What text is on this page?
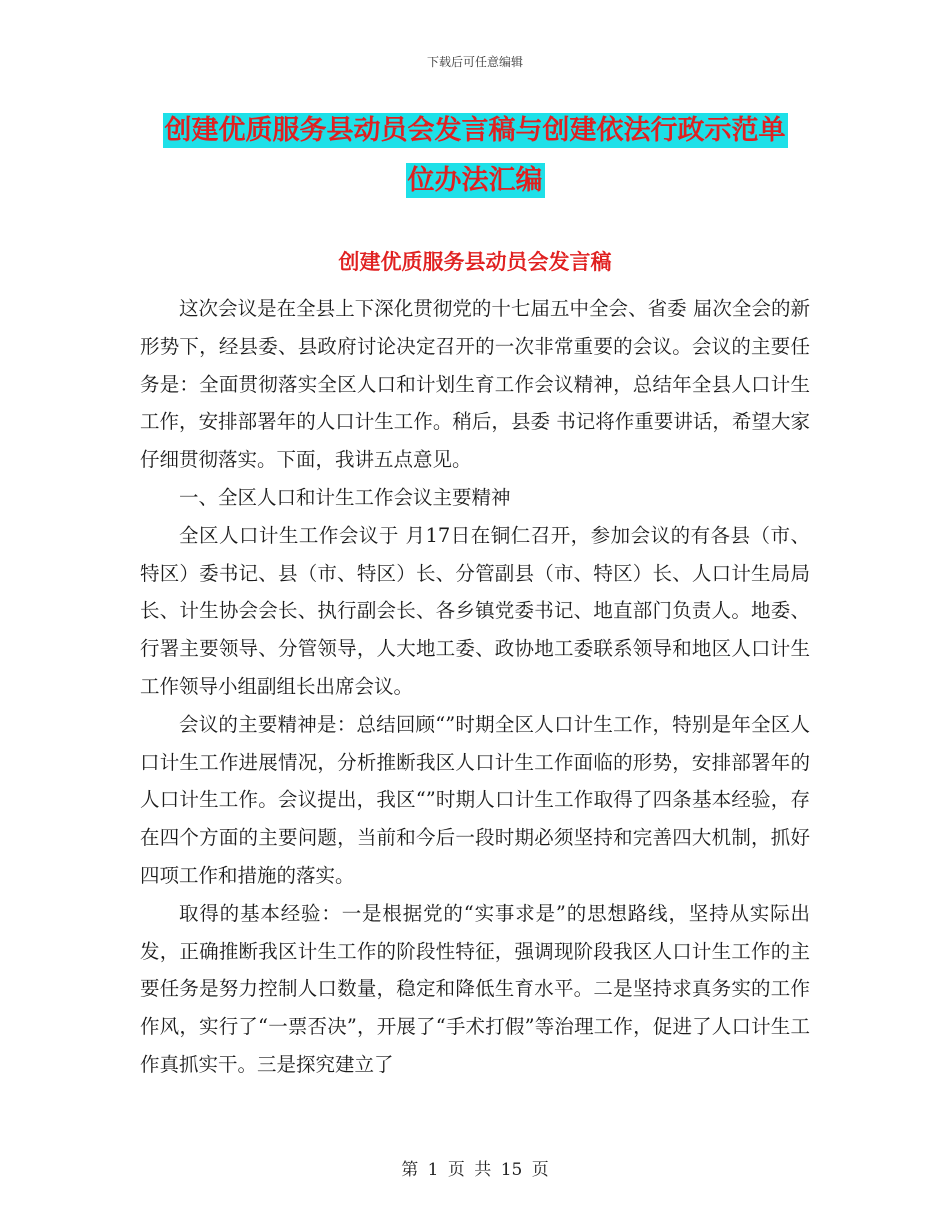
下载后可任意编辑
创建优质服务县动员会发言稿与创建依法行政示范单
位办法汇编
创建优质服务县动员会发言稿

这次会议是在全县上下深化贯彻党的十七届五中全会、省委 届次全会的新形势下，经县委、县政府讨论决定召开的一次非常重要的会议。会议的主要任务是：全面贯彻落实全区人口和计划生育工作会议精神，总结年全县人口计生工作，安排部署年的人口计生工作。稍后，县委 书记将作重要讲话，希望大家仔细贯彻落实。下面，我讲五点意见。

一、全区人口和计生工作会议主要精神

全区人口计生工作会议于 月17日在铜仁召开，参加会议的有各县（市、特区）委书记、县（市、特区）长、分管副县（市、特区）长、人口计生局局长、计生协会会长、执行副会长、各乡镇党委书记、地直部门负责人。地委、行署主要领导、分管领导，人大地工委、政协地工委联系领导和地区人口计生工作领导小组副组长出席会议。

会议的主要精神是：总结回顾“”时期全区人口计生工作，特别是年全区人口计生工作进展情况，分析推断我区人口计生工作面临的形势，安排部署年的人口计生工作。会议提出，我区“”时期人口计生工作取得了四条基本经验，存在四个方面的主要问题，当前和今后一段时期必须坚持和完善四大机制，抓好四项工作和措施的落实。

取得的基本经验：一是根据党的“实事求是”的思想路线，坚持从实际出发，正确推断我区计生工作的阶段性特征，强调现阶段我区人口计生工作的主要任务是努力控制人口数量，稳定和降低生育水平。二是坚持求真务实的工作作风，实行了“一票否决”，开展了“手术打假”等治理工作，促进了人口计生工作真抓实干。三是探究建立了

第 1 页 共 15 页
